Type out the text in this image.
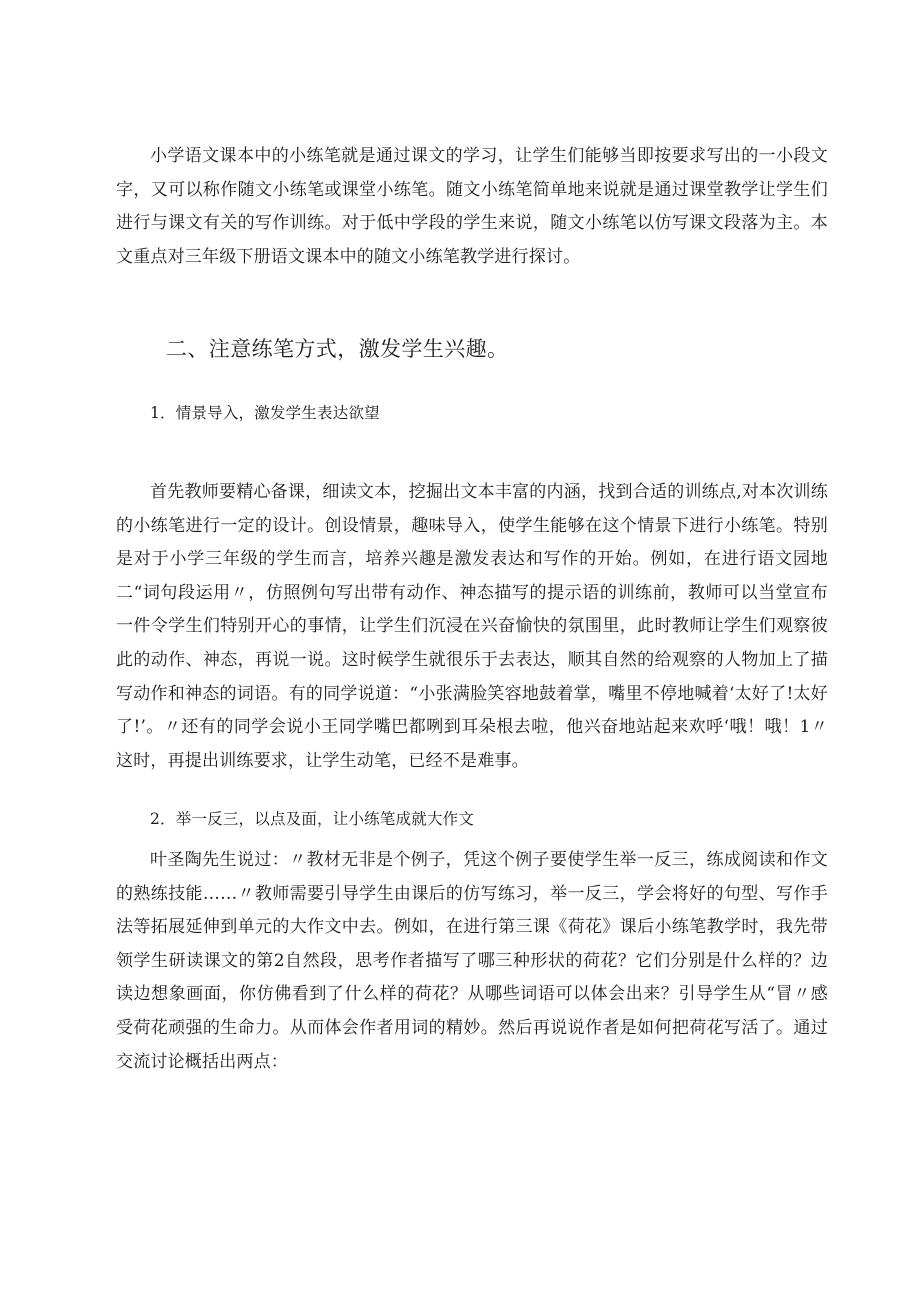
小学语文课本中的小练笔就是通过课文的学习，让学生们能够当即按要求写出的一小段文字，又可以称作随文小练笔或课堂小练笔。随文小练笔简单地来说就是通过课堂教学让学生们进行与课文有关的写作训练。对于低中学段的学生来说，随文小练笔以仿写课文段落为主。本文重点对三年级下册语文课本中的随文小练笔教学进行探讨。

二、注意练笔方式，激发学生兴趣。

1．情景导入，激发学生表达欲望

首先教师要精心备课，细读文本，挖掘出文本丰富的内涵，找到合适的训练点,对本次训练的小练笔进行一定的设计。创设情景，趣味导入，使学生能够在这个情景下进行小练笔。特别是对于小学三年级的学生而言，培养兴趣是激发表达和写作的开始。例如，在进行语文园地二“词句段运用〃，仿照例句写出带有动作、神态描写的提示语的训练前，教师可以当堂宣布一件令学生们特别开心的事情，让学生们沉浸在兴奋愉快的氛围里，此时教师让学生们观察彼此的动作、神态，再说一说。这时候学生就很乐于去表达，顺其自然的给观察的人物加上了描写动作和神态的词语。有的同学说道：“小张满脸笑容地鼓着掌，嘴里不停地喊着‘太好了!太好了!’。〃还有的同学会说小王同学嘴巴都咧到耳朵根去啦，他兴奋地站起来欢呼‘哦！哦！1〃这时，再提出训练要求，让学生动笔，已经不是难事。

2．举一反三，以点及面，让小练笔成就大作文

叶圣陶先生说过：〃教材无非是个例子，凭这个例子要使学生举一反三，练成阅读和作文的熟练技能……〃教师需要引导学生由课后的仿写练习，举一反三，学会将好的句型、写作手法等拓展延伸到单元的大作文中去。例如，在进行第三课《荷花》课后小练笔教学时，我先带领学生研读课文的第2自然段，思考作者描写了哪三种形状的荷花？它们分别是什么样的？边读边想象画面，你仿佛看到了什么样的荷花？从哪些词语可以体会出来？引导学生从“冒〃感受荷花顽强的生命力。从而体会作者用词的精妙。然后再说说作者是如何把荷花写活了。通过交流讨论概括出两点：
